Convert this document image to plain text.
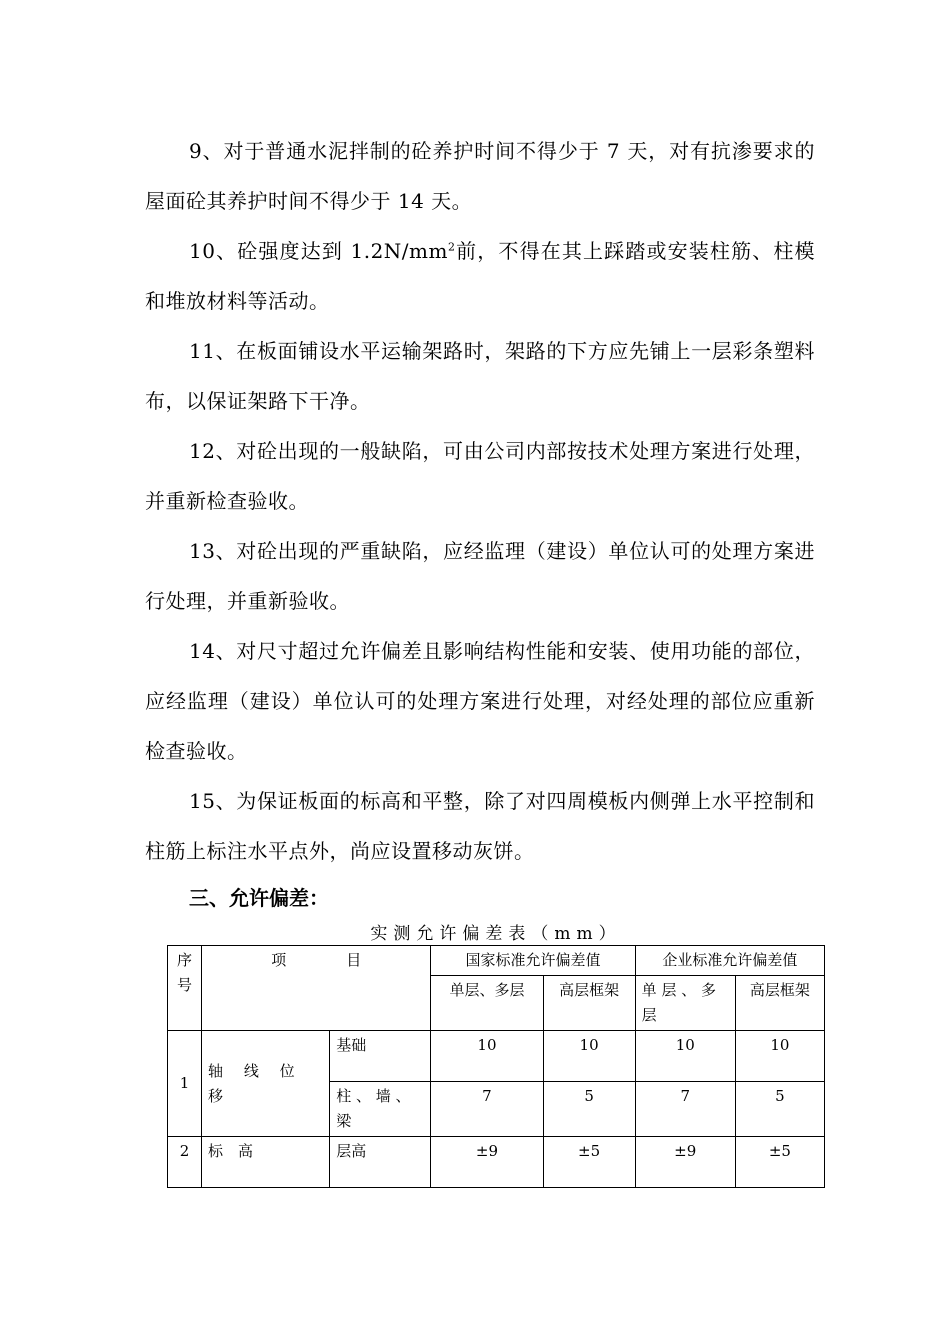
9、对于普通水泥拌制的砼养护时间不得少于 7 天，对有抗渗要求的屋面砼其养护时间不得少于 14 天。

10、砼强度达到 $1.2N/mm^2$前，不得在其上踩踏或安装柱筋、柱模和堆放材料等活动。

11、在板面铺设水平运输架路时，架路的下方应先铺上一层彩条塑料布，以保证架路下干净。

12、对砼出现的一般缺陷，可由公司内部按技术处理方案进行处理，并重新检查验收。

13、对砼出现的严重缺陷，应经监理（建设）单位认可的处理方案进行处理，并重新验收。

14、对尺寸超过允许偏差且影响结构性能和安装、使用功能的部位，应经监理（建设）单位认可的处理方案进行处理，对经处理的部位应重新检查验收。

15、为保证板面的标高和平整，除了对四周模板内侧弹上水平控制和柱筋上标注水平点外，尚应设置移动灰饼。

三、允许偏差：
实测允许偏差表（mm）
序号	项　　　　目		国家标准允许偏差值		企业标准允许偏差值	
			单层、多层	高层框架	单 层 、 多层	高层框架
1	轴 线 位 移	基础	10	10	10	10
		柱 、 墙 、梁	7	5	7	5
2	标　高	层高	±9	±5	±9	±5
